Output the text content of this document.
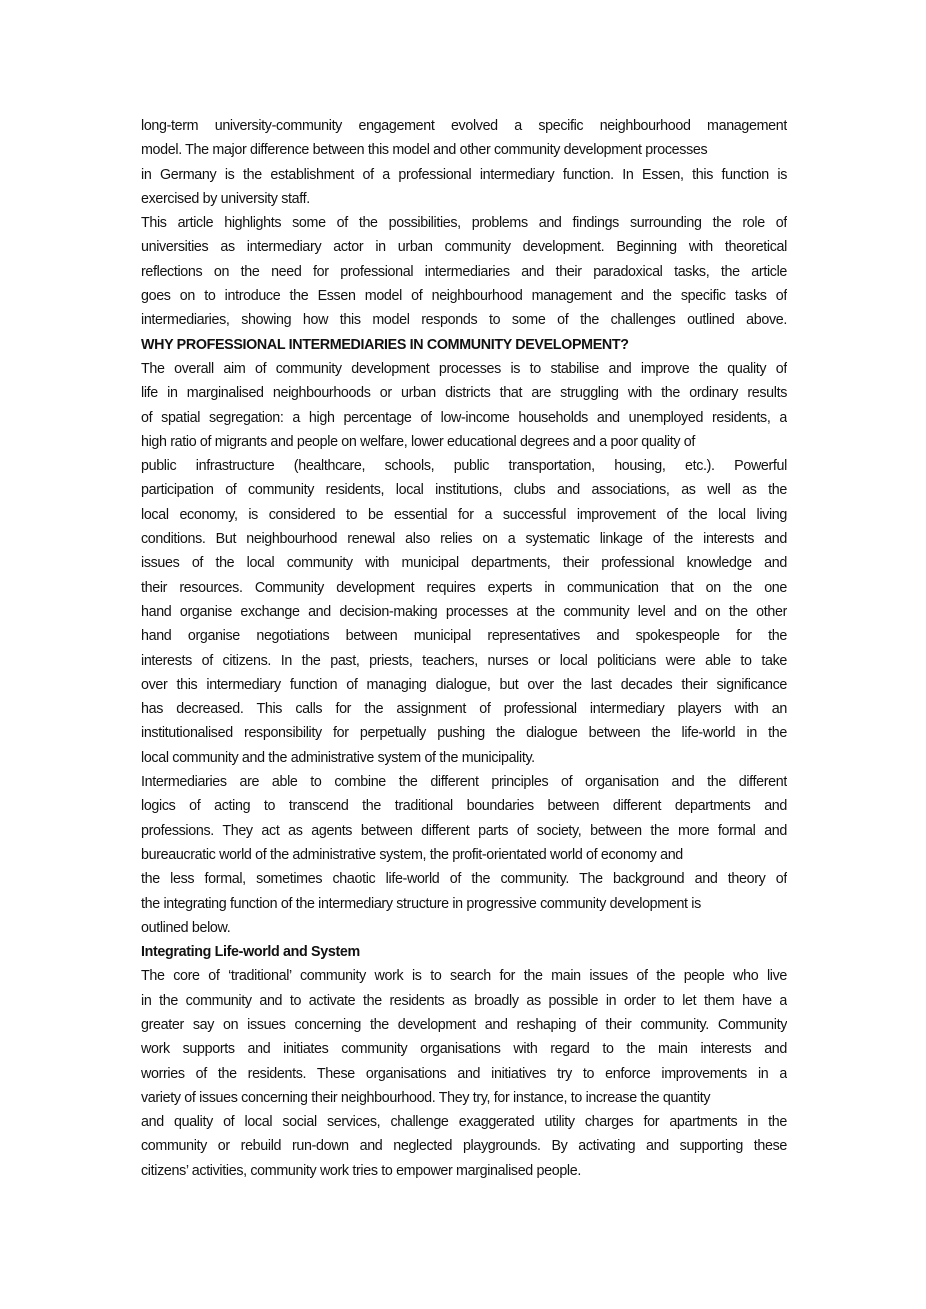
long-term university-community engagement evolved a specific neighbourhood management
model. The major difference between this model and other community development processes
in Germany is the establishment of a professional intermediary function. In Essen, this function is
exercised by university staff.
This article highlights some of the possibilities, problems and findings surrounding the role of
universities as intermediary actor in urban community development. Beginning with theoretical
reflections on the need for professional intermediaries and their paradoxical tasks, the article
goes on to introduce the Essen model of neighbourhood management and the specific tasks of
intermediaries, showing how this model responds to some of the challenges outlined above.
WHY PROFESSIONAL INTERMEDIARIES IN COMMUNITY DEVELOPMENT?
The overall aim of community development processes is to stabilise and improve the quality of
life in marginalised neighbourhoods or urban districts that are struggling with the ordinary results
of spatial segregation: a high percentage of low-income households and unemployed residents, a
high ratio of migrants and people on welfare, lower educational degrees and a poor quality of
public infrastructure (healthcare, schools, public transportation, housing, etc.). Powerful
participation of community residents, local institutions, clubs and associations, as well as the
local economy, is considered to be essential for a successful improvement of the local living
conditions. But neighbourhood renewal also relies on a systematic linkage of the interests and
issues of the local community with municipal departments, their professional knowledge and
their resources. Community development requires experts in communication that on the one
hand organise exchange and decision-making processes at the community level and on the other
hand organise negotiations between municipal representatives and spokespeople for the
interests of citizens. In the past, priests, teachers, nurses or local politicians were able to take
over this intermediary function of managing dialogue, but over the last decades their significance
has decreased. This calls for the assignment of professional intermediary players with an
institutionalised responsibility for perpetually pushing the dialogue between the life-world in the
local community and the administrative system of the municipality.
Intermediaries are able to combine the different principles of organisation and the different
logics of acting to transcend the traditional boundaries between different departments and
professions. They act as agents between different parts of society, between the more formal and
bureaucratic world of the administrative system, the profit-orientated world of economy and
the less formal, sometimes chaotic life-world of the community. The background and theory of
the integrating function of the intermediary structure in progressive community development is
outlined below.
Integrating Life-world and System
The core of ‘traditional’ community work is to search for the main issues of the people who live
in the community and to activate the residents as broadly as possible in order to let them have a
greater say on issues concerning the development and reshaping of their community. Community
work supports and initiates community organisations with regard to the main interests and
worries of the residents. These organisations and initiatives try to enforce improvements in a
variety of issues concerning their neighbourhood. They try, for instance, to increase the quantity
and quality of local social services, challenge exaggerated utility charges for apartments in the
community or rebuild run-down and neglected playgrounds. By activating and supporting these
citizens’ activities, community work tries to empower marginalised people.
